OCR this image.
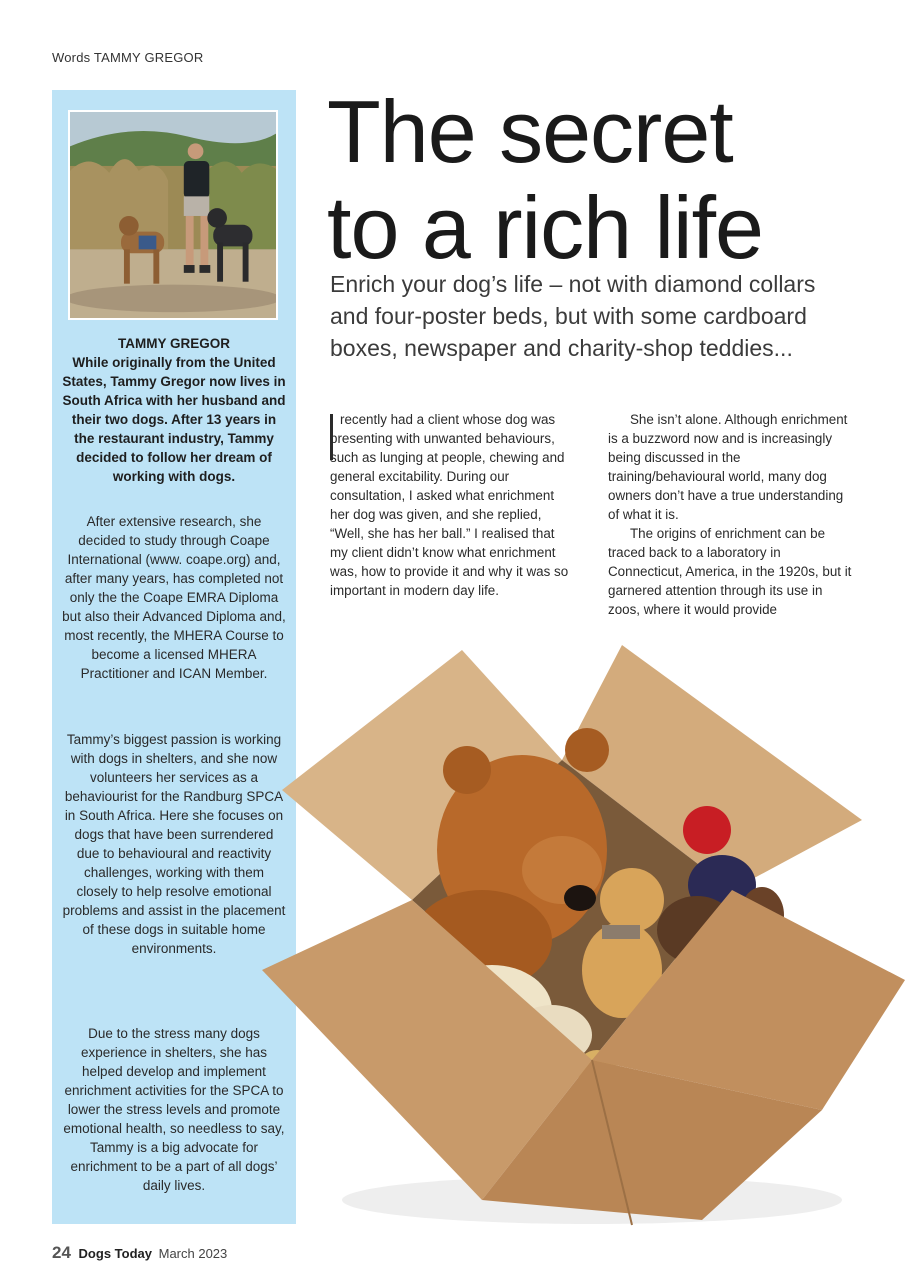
Words TAMMY GREGOR
TAMMY GREGOR
While originally from the United States, Tammy Gregor now lives in South Africa with her husband and their two dogs. After 13 years in the restaurant industry, Tammy decided to follow her dream of working with dogs.
After extensive research, she decided to study through Coape International (www. coape.org) and, after many years, has completed not only the the Coape EMRA Diploma but also their Advanced Diploma and, most recently, the MHERA Course to become a licensed MHERA Practitioner and ICAN Member.
Tammy’s biggest passion is working with dogs in shelters, and she now volunteers her services as a behaviourist for the Randburg SPCA in South Africa. Here she focuses on dogs that have been surrendered due to behavioural and reactivity challenges, working with them closely to help resolve emotional problems and assist in the placement of these dogs in suitable home environments.
Due to the stress many dogs experience in shelters, she has helped develop and implement enrichment activities for the SPCA to lower the stress levels and promote emotional health, so needless to say, Tammy is a big advocate for enrichment to be a part of all dogs’ daily lives.
The secret
to a rich life
Enrich your dog’s life – not with diamond collars and four-poster beds, but with some cardboard boxes, newspaper and charity-shop teddies...

recently had a client whose dog was presenting with unwanted behaviours, such as lunging at people, chewing and general excitability. During our consultation, I asked what enrichment her dog was given, and she replied, “Well, she has her ball.” I realised that my client didn’t know what enrichment was, how to provide it and why it was so important in modern day life.

She isn’t alone. Although enrichment is a buzzword now and is increasingly being discussed in the training/behavioural world, many dog owners don’t have a true understanding of what it is.

The origins of enrichment can be traced back to a laboratory in Connecticut, America, in the 1920s, but it garnered attention through its use in zoos, where it would provide

24 Dogs Today March 2023
